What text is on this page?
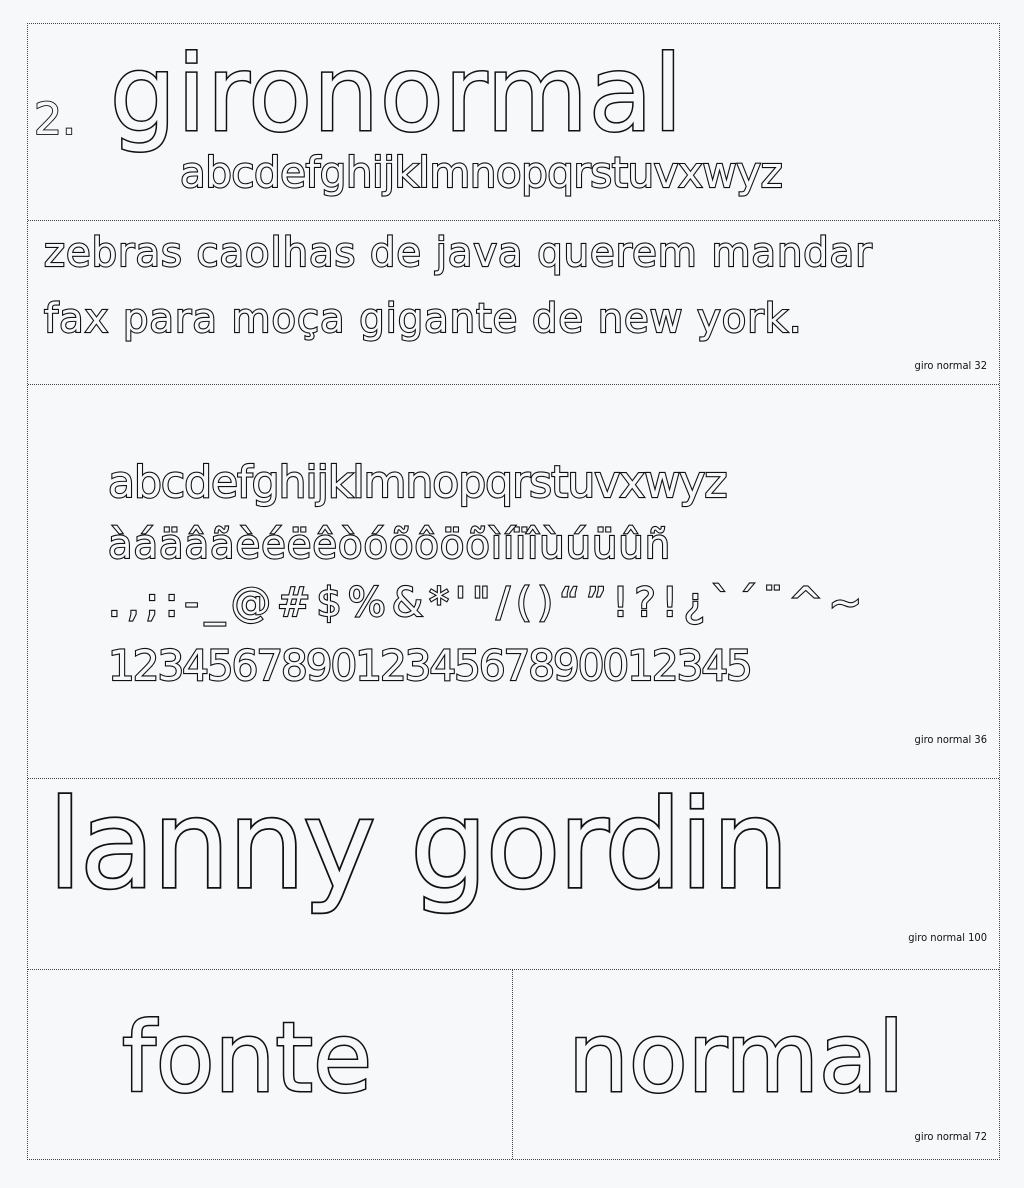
2. gironormal
abcdefghijklmnopqrstuvxwyz
zebras caolhas de java querem mandar
fax para moça gigante de new york.
giro normal 32
abcdefghijklmnopqrstuvxwyz
àáäâãèéëêòóõôöõìíïîùúüûñ
.,;:-_@#$%&*'"/()“”!?!¿`´¨^~
12345678901234567890012345
giro normal 36
lanny gordin
giro normal 100
fonte normal
giro normal 72
